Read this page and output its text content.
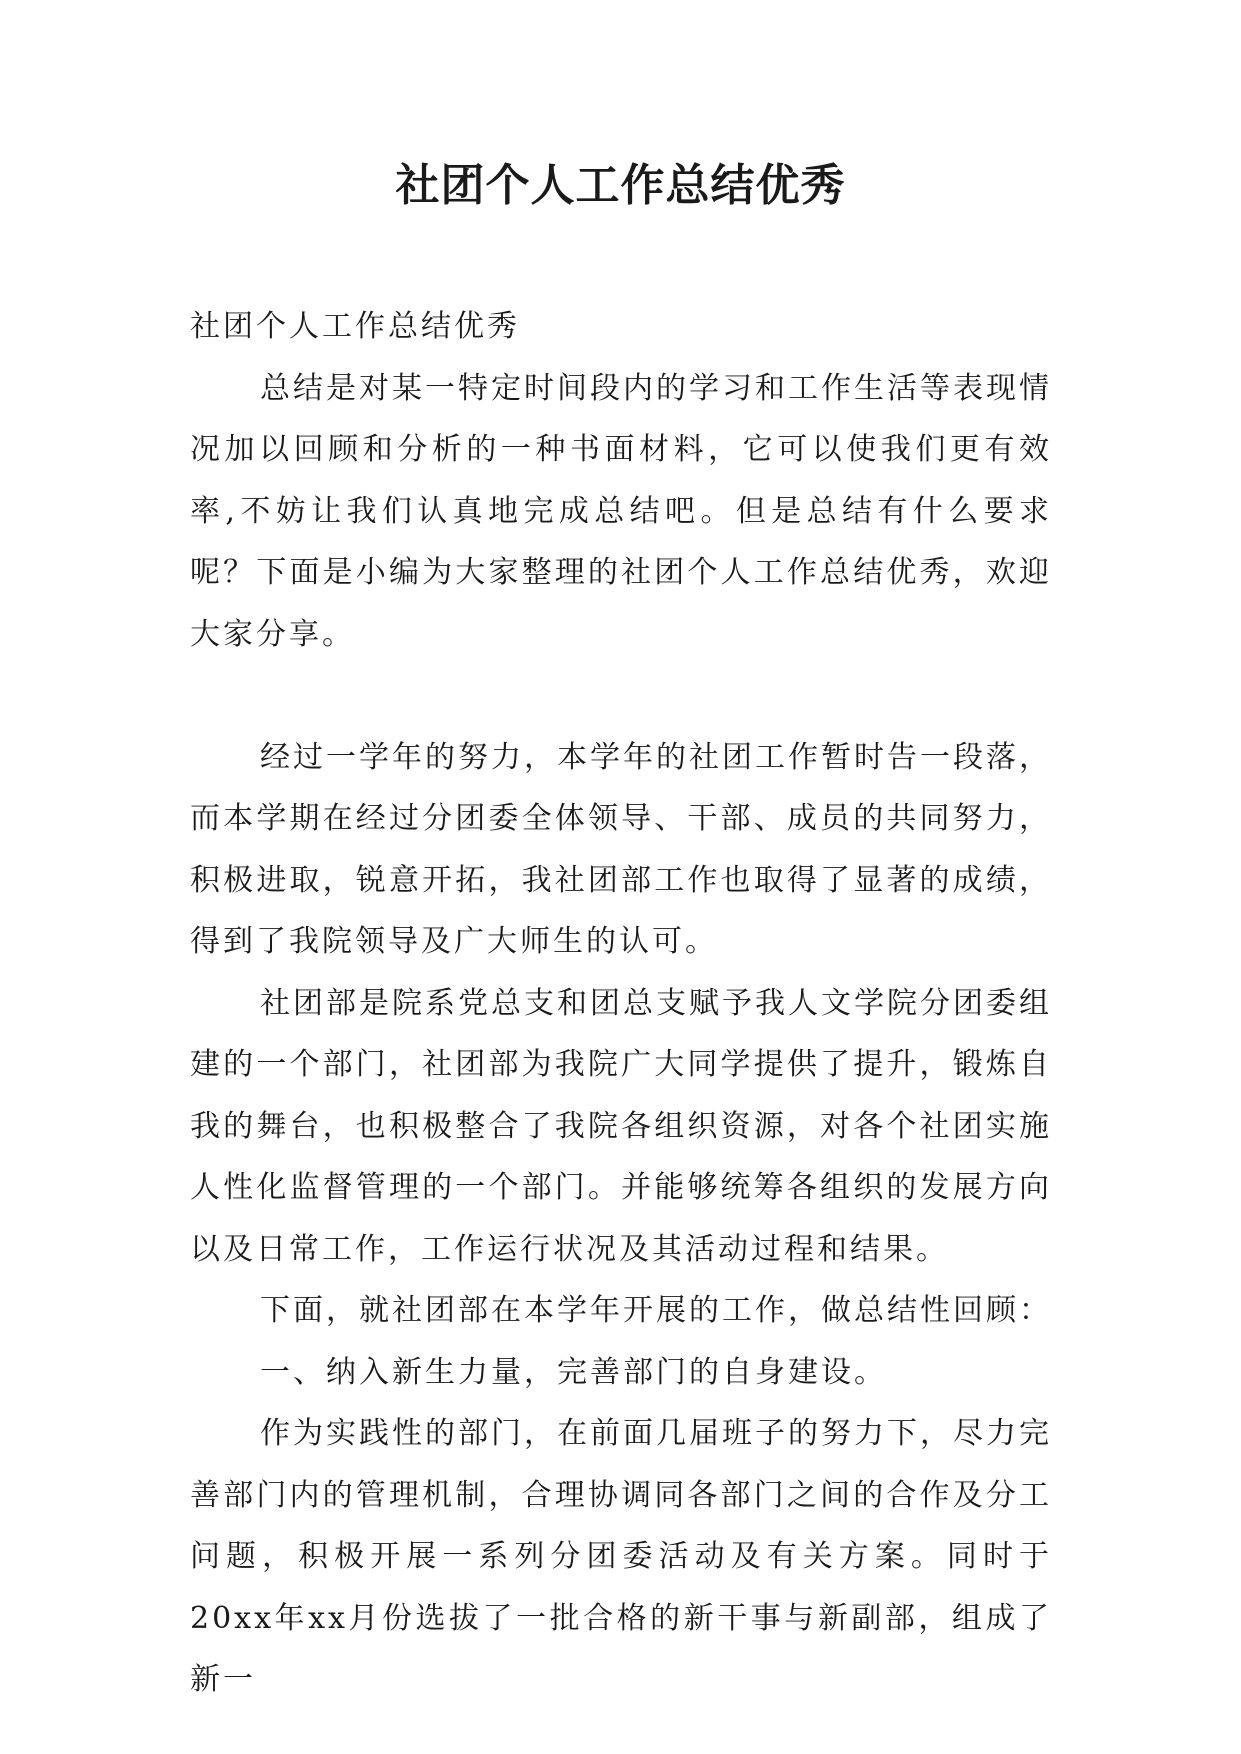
社团个人工作总结优秀

社团个人工作总结优秀

总结是对某一特定时间段内的学习和工作生活等表现情况加以回顾和分析的一种书面材料，它可以使我们更有效率,不妨让我们认真地完成总结吧。但是总结有什么要求呢？下面是小编为大家整理的社团个人工作总结优秀，欢迎大家分享。

经过一学年的努力，本学年的社团工作暂时告一段落，而本学期在经过分团委全体领导、干部、成员的共同努力，积极进取，锐意开拓，我社团部工作也取得了显著的成绩，得到了我院领导及广大师生的认可。

社团部是院系党总支和团总支赋予我人文学院分团委组建的一个部门，社团部为我院广大同学提供了提升，锻炼自我的舞台，也积极整合了我院各组织资源，对各个社团实施人性化监督管理的一个部门。并能够统筹各组织的发展方向以及日常工作，工作运行状况及其活动过程和结果。

下面，就社团部在本学年开展的工作，做总结性回顾：

一、纳入新生力量，完善部门的自身建设。

作为实践性的部门，在前面几届班子的努力下，尽力完善部门内的管理机制，合理协调同各部门之间的合作及分工问题，积极开展一系列分团委活动及有关方案。同时于20xx年xx月份选拔了一批合格的新干事与新副部，组成了新一
